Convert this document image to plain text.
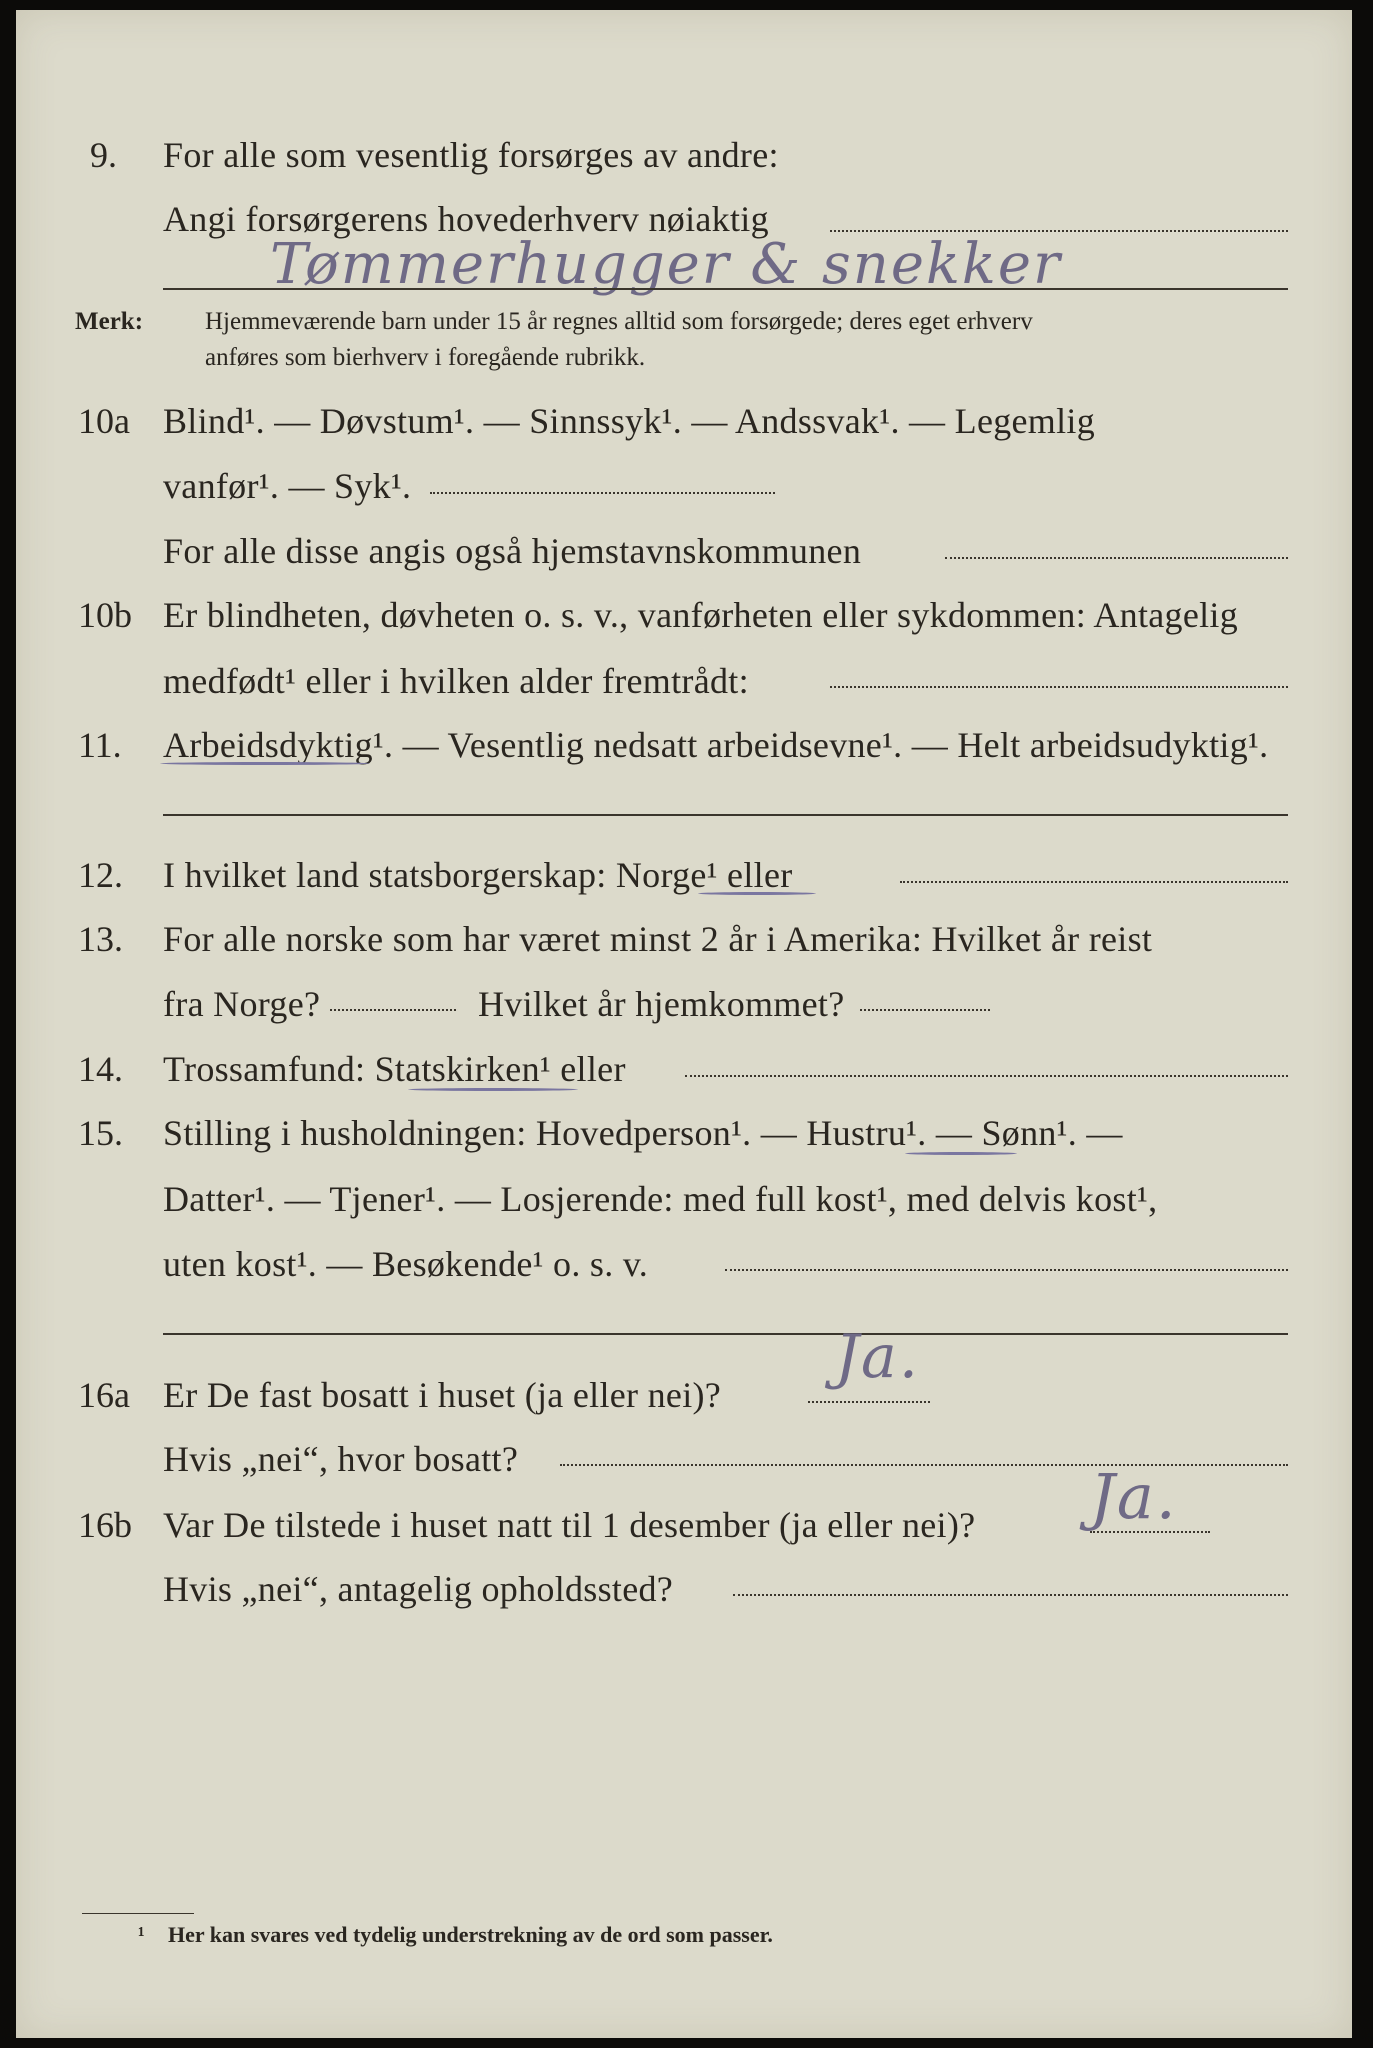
9. For alle som vesentlig forsørges av andre:
Angi forsørgerens hovederhverv nøiaktig
Tømmerhugger & snekker
Merk: Hjemmeværende barn under 15 år regnes alltid som forsørgede; deres eget erhverv
anføres som bierhverv i foregående rubrikk.
10a Blind¹. — Døvstum¹. — Sinnssyk¹. — Andssvak¹. — Legemlig
vanfør¹. — Syk¹.
For alle disse angis også hjemstavnskommunen
10b Er blindheten, døvheten o. s. v., vanførheten eller sykdommen: Antagelig
medfødt¹ eller i hvilken alder fremtrådt:
11. Arbeidsdyktig¹. — Vesentlig nedsatt arbeidsevne¹. — Helt arbeidsudyktig¹.
12. I hvilket land statsborgerskap: Norge¹ eller
13. For alle norske som har været minst 2 år i Amerika: Hvilket år reist
fra Norge?	Hvilket år hjemkommet?
14. Trossamfund: Statskirken¹ eller
15. Stilling i husholdningen: Hovedperson¹. — Hustru¹. — Sønn¹. —
Datter¹. — Tjener¹. — Losjerende: med full kost¹, med delvis kost¹,
uten kost¹. — Besøkende¹ o. s. v.
16a Er De fast bosatt i huset (ja eller nei)?
Ja.
Hvis „nei“, hvor bosatt?
16b Var De tilstede i huset natt til 1 desember (ja eller nei)? Ja.
Hvis „nei“, antagelig opholdssted?
¹ Her kan svares ved tydelig understrekning av de ord som passer.
